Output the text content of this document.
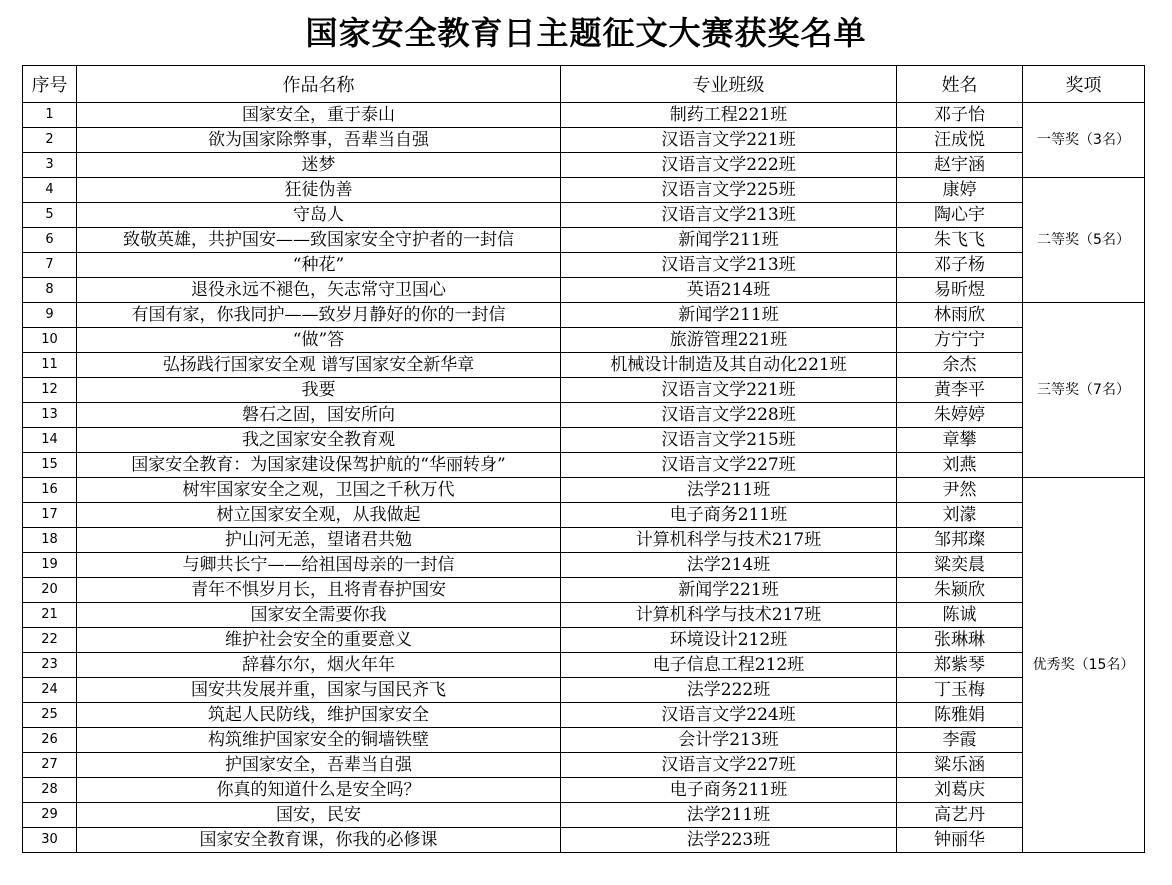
国家安全教育日主题征文大赛获奖名单
序号	作品名称	专业班级	姓名	奖项
1	国家安全，重于泰山	制药工程221班	邓子怡	一等奖（3名）
2	欲为国家除弊事，吾辈当自强	汉语言文学221班	汪成悦	
3	迷梦	汉语言文学222班	赵宇涵	
4	狂徒伪善	汉语言文学225班	康婷	二等奖（5名）
5	守岛人	汉语言文学213班	陶心宇	
6	致敬英雄，共护国安——致国家安全守护者的一封信	新闻学211班	朱飞飞	
7	“种花”	汉语言文学213班	邓子杨	
8	退役永远不褪色，矢志常守卫国心	英语214班	易昕煜	
9	有国有家，你我同护——致岁月静好的你的一封信	新闻学211班	林雨欣	三等奖（7名）
10	“做”答	旅游管理221班	方宁宁	
11	弘扬践行国家安全观 谱写国家安全新华章	机械设计制造及其自动化221班	余杰	
12	我要	汉语言文学221班	黄李平	
13	磐石之固，国安所向	汉语言文学228班	朱婷婷	
14	我之国家安全教育观	汉语言文学215班	章攀	
15	国家安全教育：为国家建设保驾护航的“华丽转身”	汉语言文学227班	刘燕	
16	树牢国家安全之观，卫国之千秋万代	法学211班	尹然	优秀奖（15名）
17	树立国家安全观，从我做起	电子商务211班	刘濛	
18	护山河无恙，望诸君共勉	计算机科学与技术217班	邹邦璨	
19	与卿共长宁——给祖国母亲的一封信	法学214班	粱奕晨	
20	青年不惧岁月长，且将青春护国安	新闻学221班	朱颍欣	
21	国家安全需要你我	计算机科学与技术217班	陈诚	
22	维护社会安全的重要意义	环境设计212班	张琳琳	
23	辞暮尔尔，烟火年年	电子信息工程212班	郑紫琴	
24	国安共发展并重，国家与国民齐飞	法学222班	丁玉梅	
25	筑起人民防线，维护国家安全	汉语言文学224班	陈雅娟	
26	构筑维护国家安全的铜墙铁壁	会计学213班	李霞	
27	护国家安全，吾辈当自强	汉语言文学227班	粱乐涵	
28	你真的知道什么是安全吗？	电子商务211班	刘葛庆	
29	国安，民安	法学211班	高艺丹	
30	国家安全教育课，你我的必修课	法学223班	钟丽华	
